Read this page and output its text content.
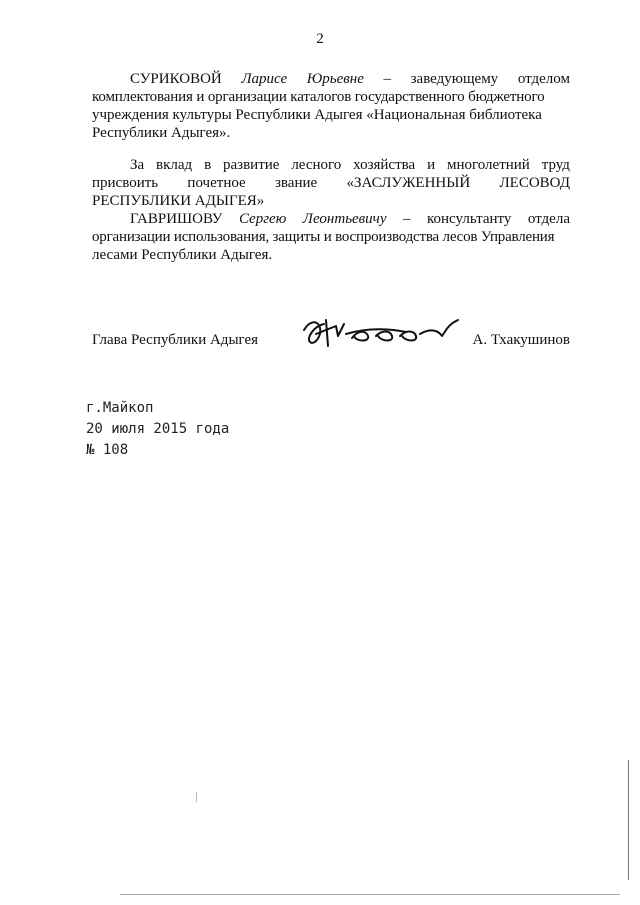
2
СУРИКОВОЙ Ларисе Юрьевне – заведующему отделом
комплектования и организации каталогов государственного бюджетного
учреждения культуры Республики Адыгея «Национальная библиотека
Республики Адыгея».
За вклад в развитие лесного хозяйства и многолетний труд
присвоить почетное звание «ЗАСЛУЖЕННЫЙ ЛЕСОВОД
РЕСПУБЛИКИ АДЫГЕЯ»
ГАВРИШОВУ Сергею Леонтьевичу – консультанту отдела
организации использования, защиты и воспроизводства лесов Управления
лесами Республики Адыгея.
Глава Республики Адыгея	А. Тхакушинов
г.Майкоп
20 июля 2015 года
№ 108
